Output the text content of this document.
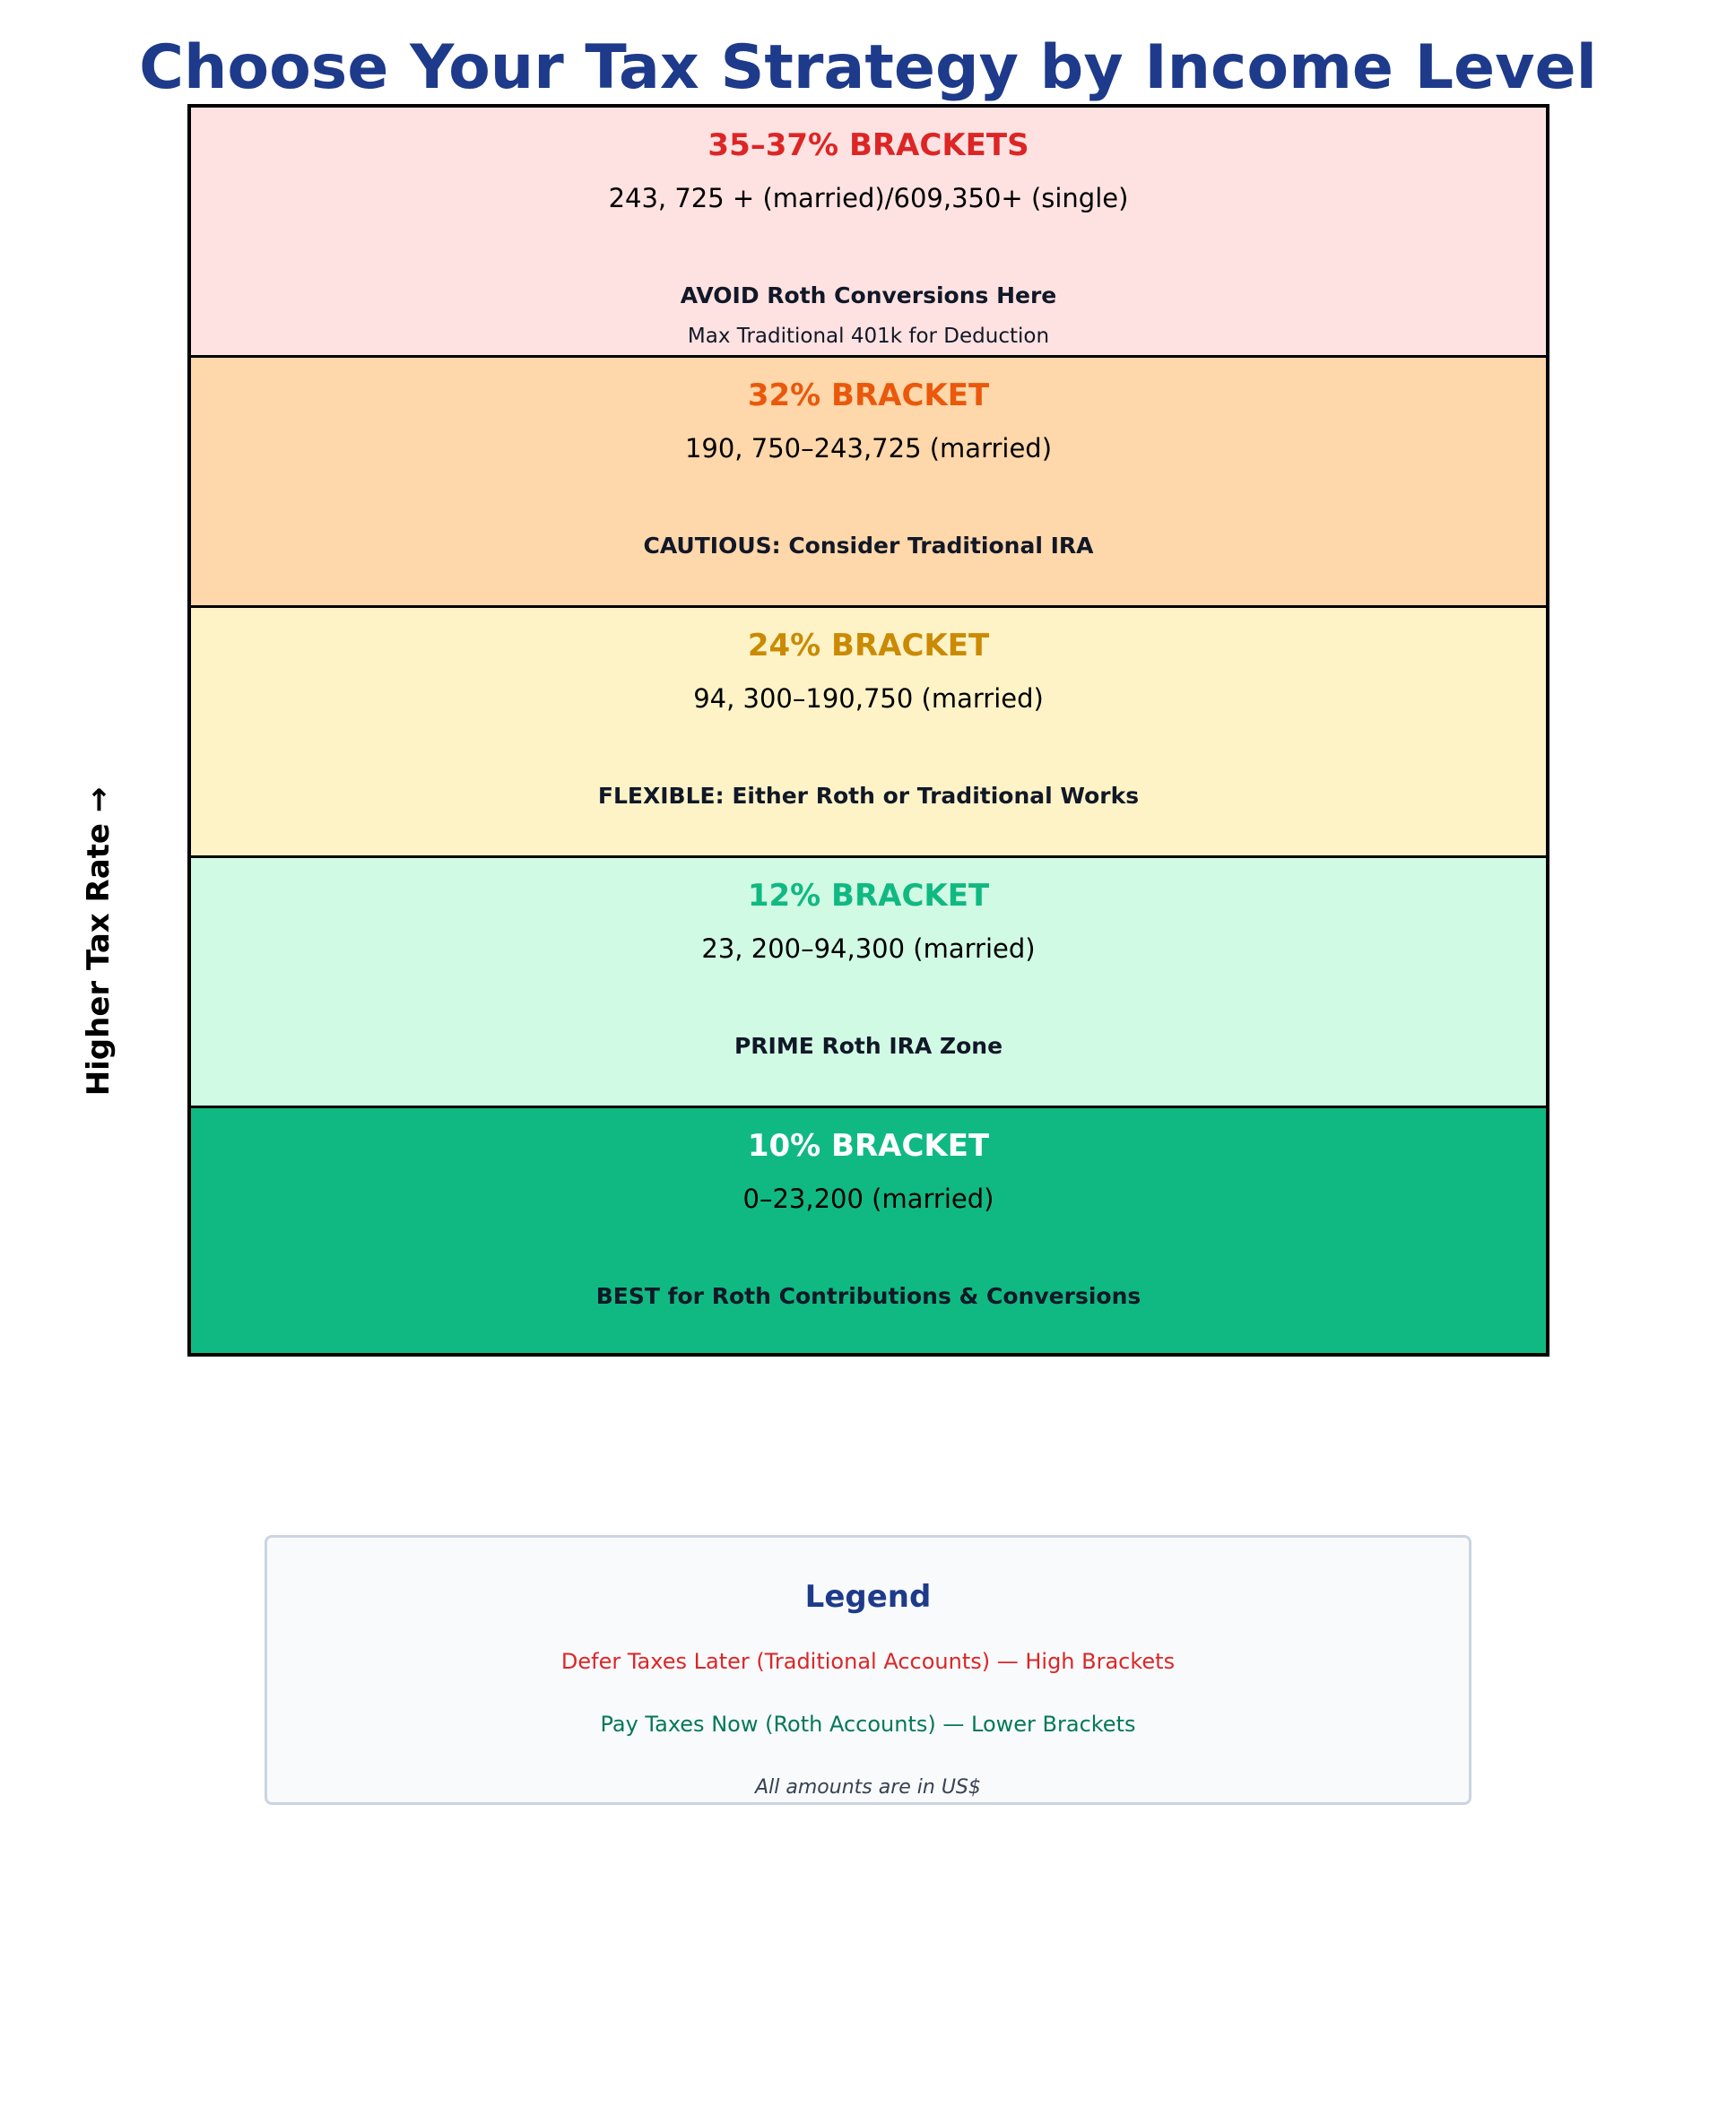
Choose Your Tax Strategy by Income Level
Higher Tax Rate →
35–37% BRACKETS
243, 725 + (married)/609,350+ (single)
AVOID Roth Conversions Here
Max Traditional 401k for Deduction
32% BRACKET
190, 750–243,725 (married)
CAUTIOUS: Consider Traditional IRA
24% BRACKET
94, 300–190,750 (married)
FLEXIBLE: Either Roth or Traditional Works
12% BRACKET
23, 200–94,300 (married)
PRIME Roth IRA Zone
10% BRACKET
0–23,200 (married)
BEST for Roth Contributions & Conversions
Legend
Defer Taxes Later (Traditional Accounts) — High Brackets
Pay Taxes Now (Roth Accounts) — Lower Brackets
All amounts are in US$
